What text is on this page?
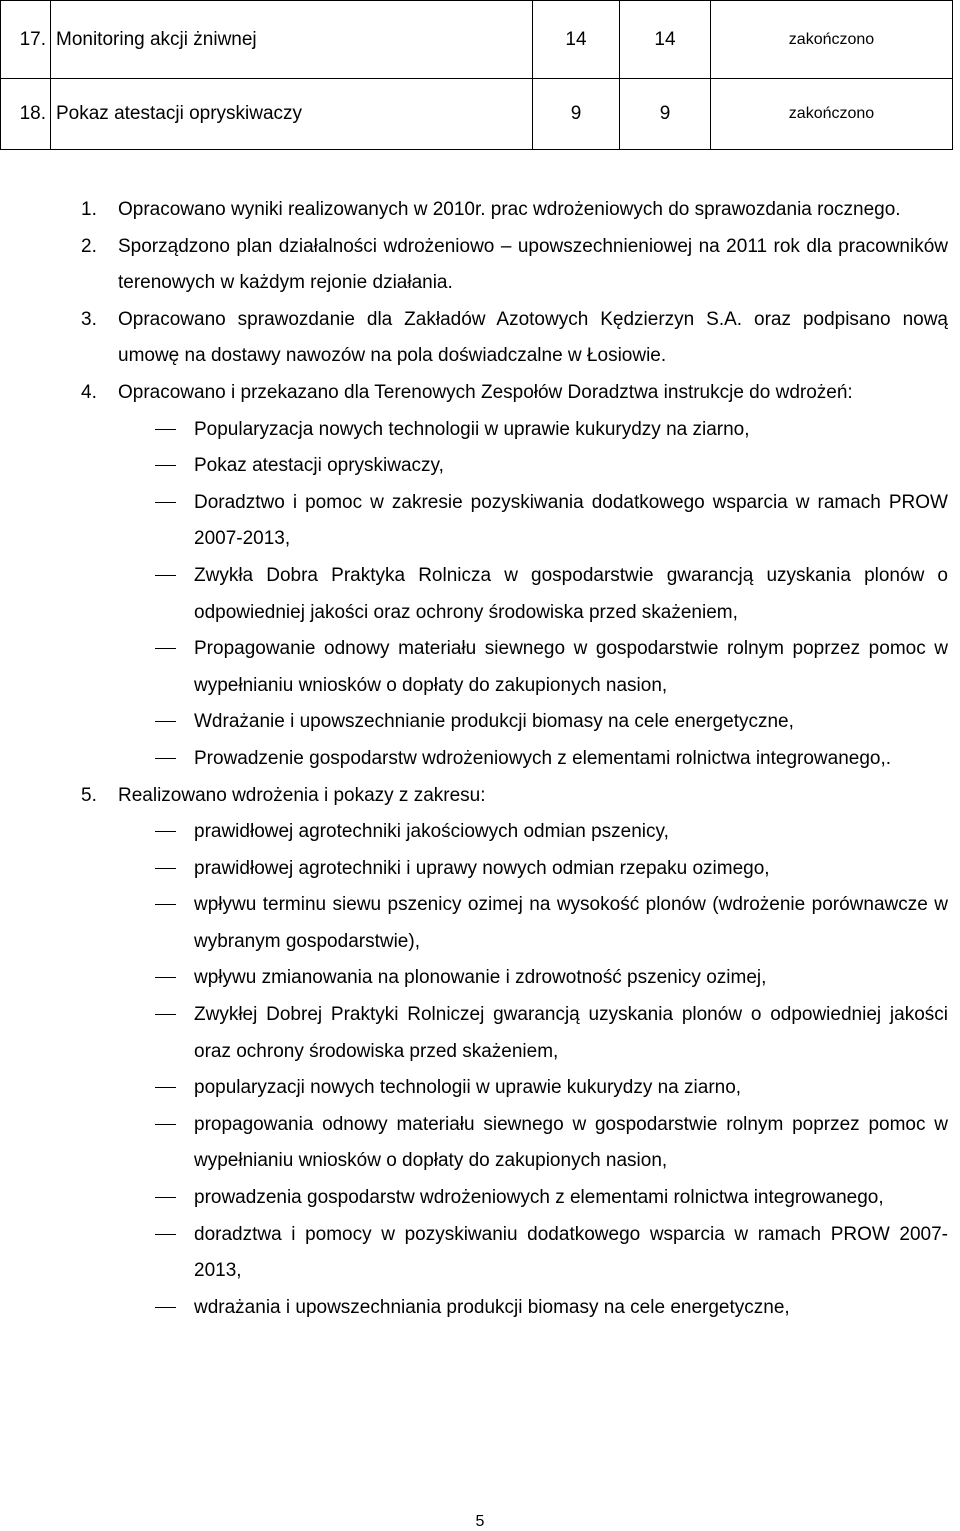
17.	Monitoring akcji żniwnej	14	14	zakończono
18.	Pokaz atestacji opryskiwaczy	9	9	zakończono
1.	Opracowano wyniki realizowanych w 2010r. prac wdrożeniowych do sprawozdania rocznego.
2.	Sporządzono plan działalności wdrożeniowo – upowszechnieniowej na 2011 rok dla pracowników terenowych w każdym rejonie działania.
3.	Opracowano sprawozdanie dla Zakładów Azotowych Kędzierzyn S.A. oraz podpisano nową umowę na dostawy nawozów na pola doświadczalne w Łosiowie.
4.	Opracowano i przekazano dla Terenowych Zespołów Doradztwa instrukcje do wdrożeń:
Popularyzacja nowych technologii w uprawie kukurydzy na ziarno,
Pokaz atestacji opryskiwaczy,
Doradztwo i pomoc w zakresie pozyskiwania dodatkowego wsparcia w ramach PROW 2007-2013,
Zwykła Dobra Praktyka Rolnicza w gospodarstwie gwarancją uzyskania plonów o odpowiedniej jakości oraz ochrony środowiska przed skażeniem,
Propagowanie odnowy materiału siewnego w gospodarstwie rolnym poprzez pomoc w wypełnianiu wniosków o dopłaty do zakupionych nasion,
Wdrażanie i upowszechnianie produkcji biomasy na cele energetyczne,
Prowadzenie gospodarstw wdrożeniowych z elementami rolnictwa integrowanego,.
5.	Realizowano wdrożenia i pokazy z zakresu:
prawidłowej agrotechniki jakościowych odmian pszenicy,
prawidłowej agrotechniki i uprawy nowych odmian rzepaku ozimego,
wpływu terminu siewu pszenicy ozimej na wysokość plonów (wdrożenie porównawcze w wybranym gospodarstwie),
wpływu zmianowania na plonowanie i zdrowotność pszenicy ozimej,
Zwykłej Dobrej Praktyki Rolniczej gwarancją uzyskania plonów o odpowiedniej jakości oraz ochrony środowiska przed skażeniem,
popularyzacji nowych technologii w uprawie kukurydzy na ziarno,
propagowania odnowy materiału siewnego w gospodarstwie rolnym poprzez pomoc w wypełnianiu wniosków o dopłaty do zakupionych nasion,
prowadzenia gospodarstw wdrożeniowych z elementami rolnictwa integrowanego,
doradztwa i pomocy w pozyskiwaniu dodatkowego wsparcia w ramach PROW 2007-2013,
wdrażania i upowszechniania produkcji biomasy na cele energetyczne,
5
